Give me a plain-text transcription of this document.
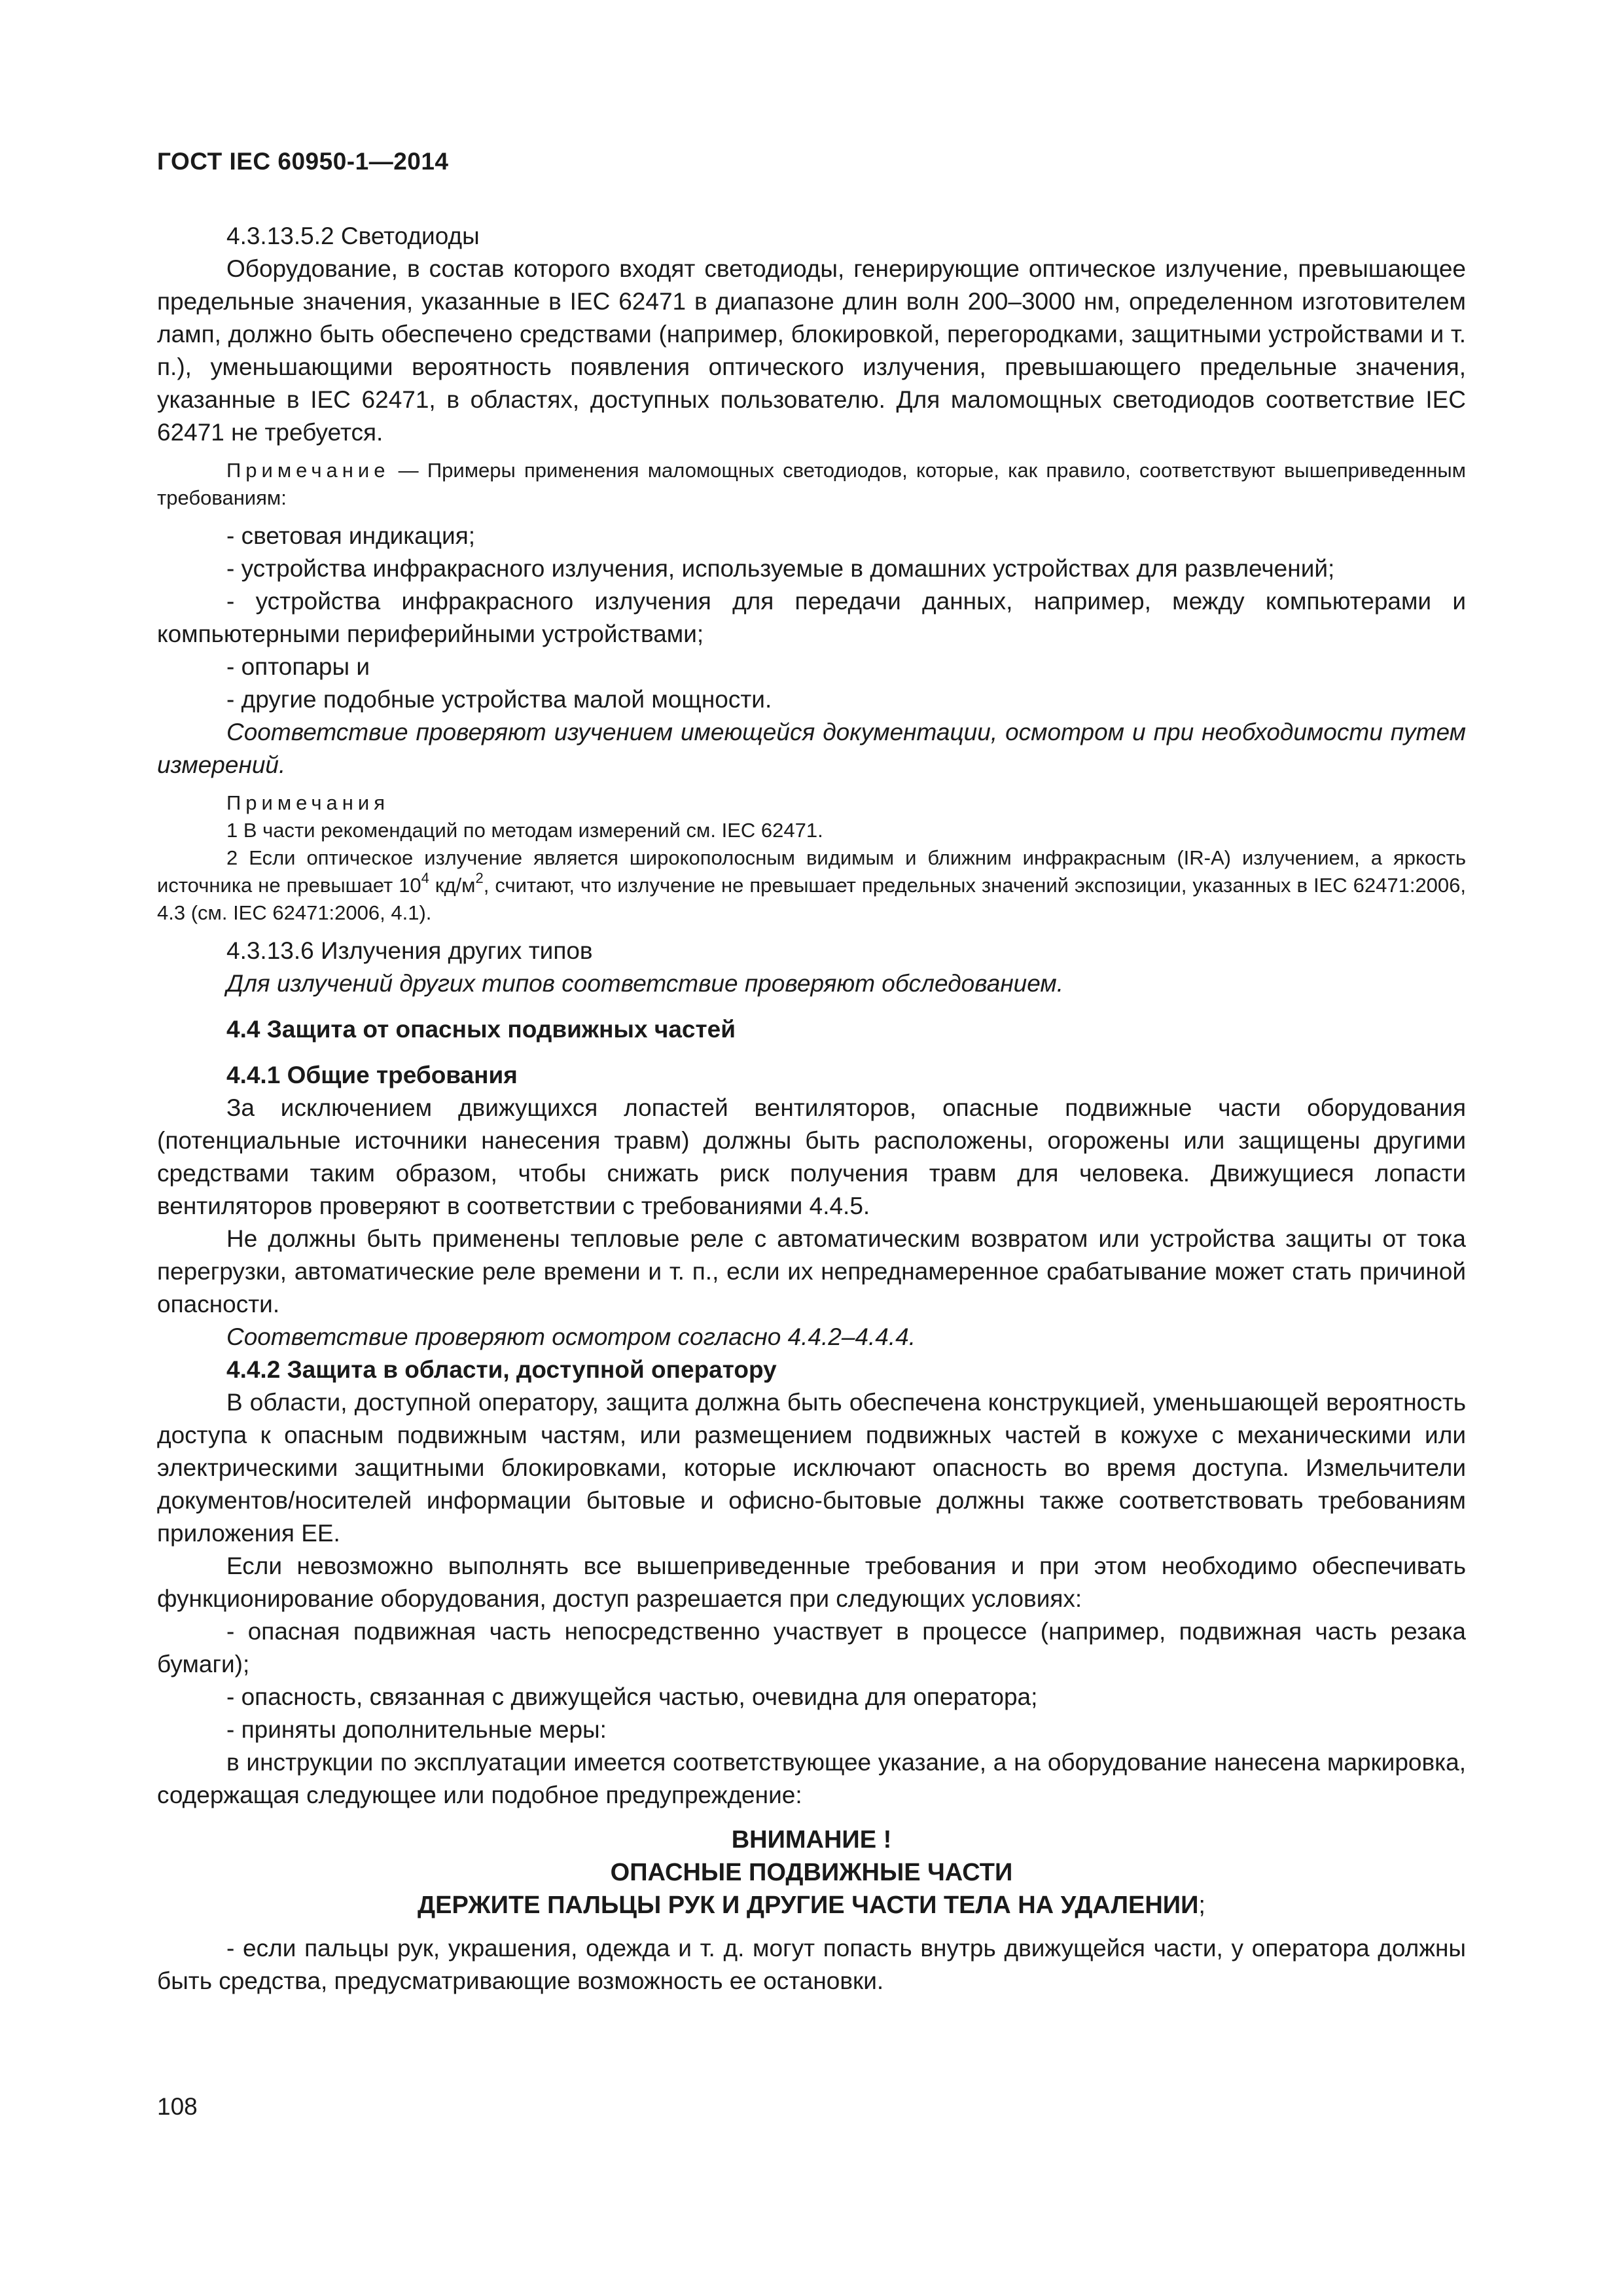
ГОСТ IEC 60950-1—2014

4.3.13.5.2 Светодиоды

Оборудование, в состав которого входят светодиоды, генерирующие оптическое излучение, превышающее предельные значения, указанные в IEC 62471 в диапазоне длин волн 200–3000 нм, определенном изготовителем ламп, должно быть обеспечено средствами (например, блокировкой, перегородками, защитными устройствами и т. п.), уменьшающими вероятность появления оптического излучения, превышающего предельные значения, указанные в IEC 62471, в областях, доступных пользователю. Для маломощных светодиодов соответствие IEC 62471 не требуется.

Примечание — Примеры применения маломощных светодиодов, которые, как правило, соответствуют вышеприведенным требованиям:

- световая индикация;

- устройства инфракрасного излучения, используемые в домашних устройствах для развлечений;

- устройства инфракрасного излучения для передачи данных, например, между компьютерами и компьютерными периферийными устройствами;

- оптопары и

- другие подобные устройства малой мощности.

Соответствие проверяют изучением имеющейся документации, осмотром и при необходимости путем измерений.

Примечания

1 В части рекомендаций по методам измерений см. IEC 62471.

2 Если оптическое излучение является широкополосным видимым и ближним инфракрасным (IR-A) излучением, а яркость источника не превышает $10^4$ $кд/м^2$, считают, что излучение не превышает предельных значений экспозиции, указанных в IEC 62471:2006, 4.3 (см. IEC 62471:2006, 4.1).

4.3.13.6 Излучения других типов

Для излучений других типов соответствие проверяют обследованием.

4.4 Защита от опасных подвижных частей

4.4.1 Общие требования

За исключением движущихся лопастей вентиляторов, опасные подвижные части оборудования (потенциальные источники нанесения травм) должны быть расположены, огорожены или защищены другими средствами таким образом, чтобы снижать риск получения травм для человека. Движущиеся лопасти вентиляторов проверяют в соответствии с требованиями 4.4.5.

Не должны быть применены тепловые реле с автоматическим возвратом или устройства защиты от тока перегрузки, автоматические реле времени и т. п., если их непреднамеренное срабатывание может стать причиной опасности.

Соответствие проверяют осмотром согласно 4.4.2–4.4.4.

4.4.2 Защита в области, доступной оператору

В области, доступной оператору, защита должна быть обеспечена конструкцией, уменьшающей вероятность доступа к опасным подвижным частям, или размещением подвижных частей в кожухе с механическими или электрическими защитными блокировками, которые исключают опасность во время доступа. Измельчители документов/носителей информации бытовые и офисно-бытовые должны также соответствовать требованиям приложения EE.

Если невозможно выполнять все вышеприведенные требования и при этом необходимо обеспечивать функционирование оборудования, доступ разрешается при следующих условиях:

- опасная подвижная часть непосредственно участвует в процессе (например, подвижная часть резака бумаги);

- опасность, связанная с движущейся частью, очевидна для оператора;

- приняты дополнительные меры:

в инструкции по эксплуатации имеется соответствующее указание, а на оборудование нанесена маркировка, содержащая следующее или подобное предупреждение:

ВНИМАНИЕ !

ОПАСНЫЕ ПОДВИЖНЫЕ ЧАСТИ

ДЕРЖИТЕ ПАЛЬЦЫ РУК И ДРУГИЕ ЧАСТИ ТЕЛА НА УДАЛЕНИИ;

- если пальцы рук, украшения, одежда и т. д. могут попасть внутрь движущейся части, у оператора должны быть средства, предусматривающие возможность ее остановки.

108
